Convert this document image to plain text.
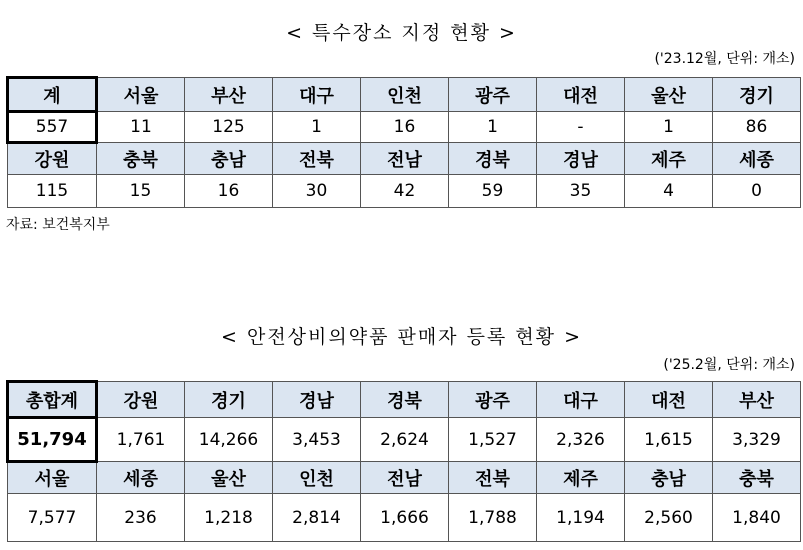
< 특수장소 지정 현황 >
('23.12월, 단위: 개소)
계	서울	부산	대구	인천	광주	대전	울산	경기
557	11	125	1	16	1	-	1	86
강원	충북	충남	전북	전남	경북	경남	제주	세종
115	15	16	30	42	59	35	4	0
자료: 보건복지부
< 안전상비의약품 판매자 등록 현황 >
('25.2월, 단위: 개소)
총합계	강원	경기	경남	경북	광주	대구	대전	부산
51,794	1,761	14,266	3,453	2,624	1,527	2,326	1,615	3,329
서울	세종	울산	인천	전남	전북	제주	충남	충북
7,577	236	1,218	2,814	1,666	1,788	1,194	2,560	1,840
